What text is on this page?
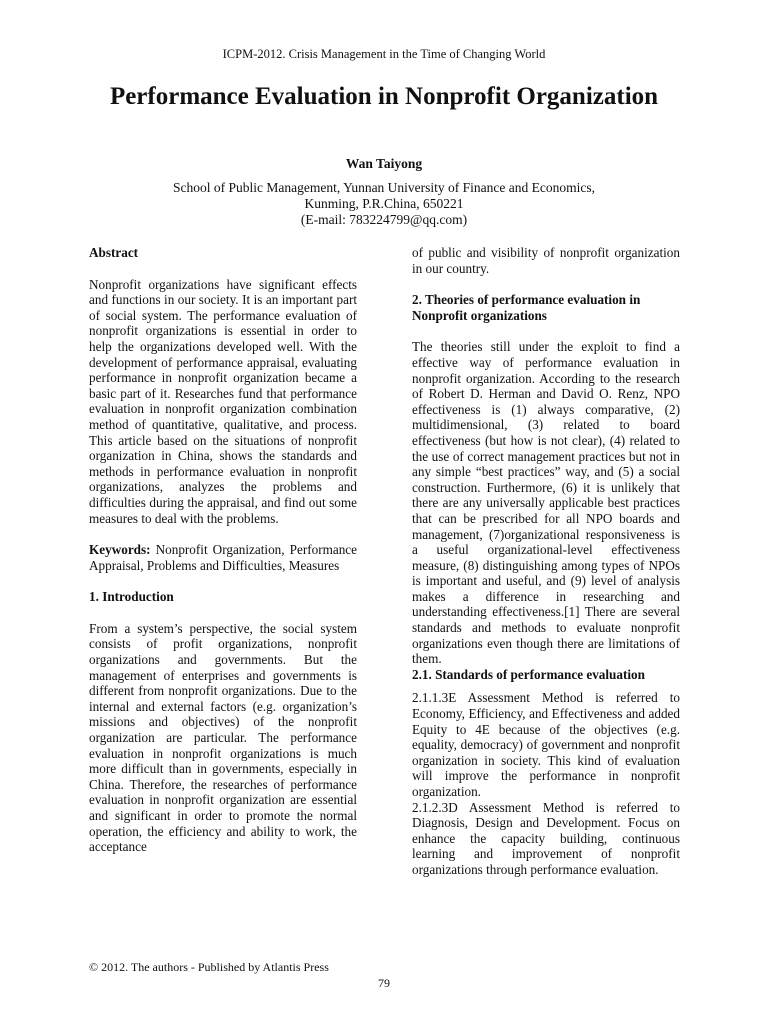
ICPM-2012. Crisis Management in the Time of Changing World
Performance Evaluation in Nonprofit Organization
Wan Taiyong
School of Public Management, Yunnan University of Finance and Economics,
Kunming, P.R.China, 650221
(E-mail: 783224799@qq.com)
Abstract

Nonprofit organizations have significant effects and functions in our society. It is an important part of social system. The performance evaluation of nonprofit organizations is essential in order to help the organizations developed well. With the development of performance appraisal, evaluating performance in nonprofit organization became a basic part of it. Researches fund that performance evaluation in nonprofit organization combination method of quantitative, qualitative, and process. This article based on the situations of nonprofit organization in China, shows the standards and methods in performance evaluation in nonprofit organizations, analyzes the problems and difficulties during the appraisal, and find out some measures to deal with the problems.

Keywords: Nonprofit Organization, Performance Appraisal, Problems and Difficulties, Measures

1. Introduction

From a system’s perspective, the social system consists of profit organizations, nonprofit organizations and governments. But the management of enterprises and governments is different from nonprofit organizations. Due to the internal and external factors (e.g. organization’s missions and objectives) of the nonprofit organization are particular. The performance evaluation in nonprofit organizations is much more difficult than in governments, especially in China. Therefore, the researches of performance evaluation in nonprofit organization are essential and significant in order to promote the normal operation, the efficiency and ability to work, the acceptance

of public and visibility of nonprofit organization in our country.

2. Theories of performance evaluation in Nonprofit organizations

The theories still under the exploit to find a effective way of performance evaluation in nonprofit organization. According to the research of Robert D. Herman and David O. Renz, NPO effectiveness is (1) always comparative, (2) multidimensional, (3) related to board effectiveness (but how is not clear), (4) related to the use of correct management practices but not in any simple “best practices” way, and (5) a social construction. Furthermore, (6) it is unlikely that there are any universally applicable best practices that can be prescribed for all NPO boards and management, (7)organizational responsiveness is a useful organizational-level effectiveness measure, (8) distinguishing among types of NPOs is important and useful, and (9) level of analysis makes a difference in researching and understanding effectiveness.[1] There are several standards and methods to evaluate nonprofit organizations even though there are limitations of them.

2.1. Standards of performance evaluation

2.1.1.3E Assessment Method is referred to Economy, Efficiency, and Effectiveness and added Equity to 4E because of the objectives (e.g. equality, democracy) of government and nonprofit organization in society. This kind of evaluation will improve the performance in nonprofit organization.

2.1.2.3D Assessment Method is referred to Diagnosis, Design and Development. Focus on enhance the capacity building, continuous learning and improvement of nonprofit organizations through performance evaluation.

© 2012. The authors - Published by Atlantis Press
79
